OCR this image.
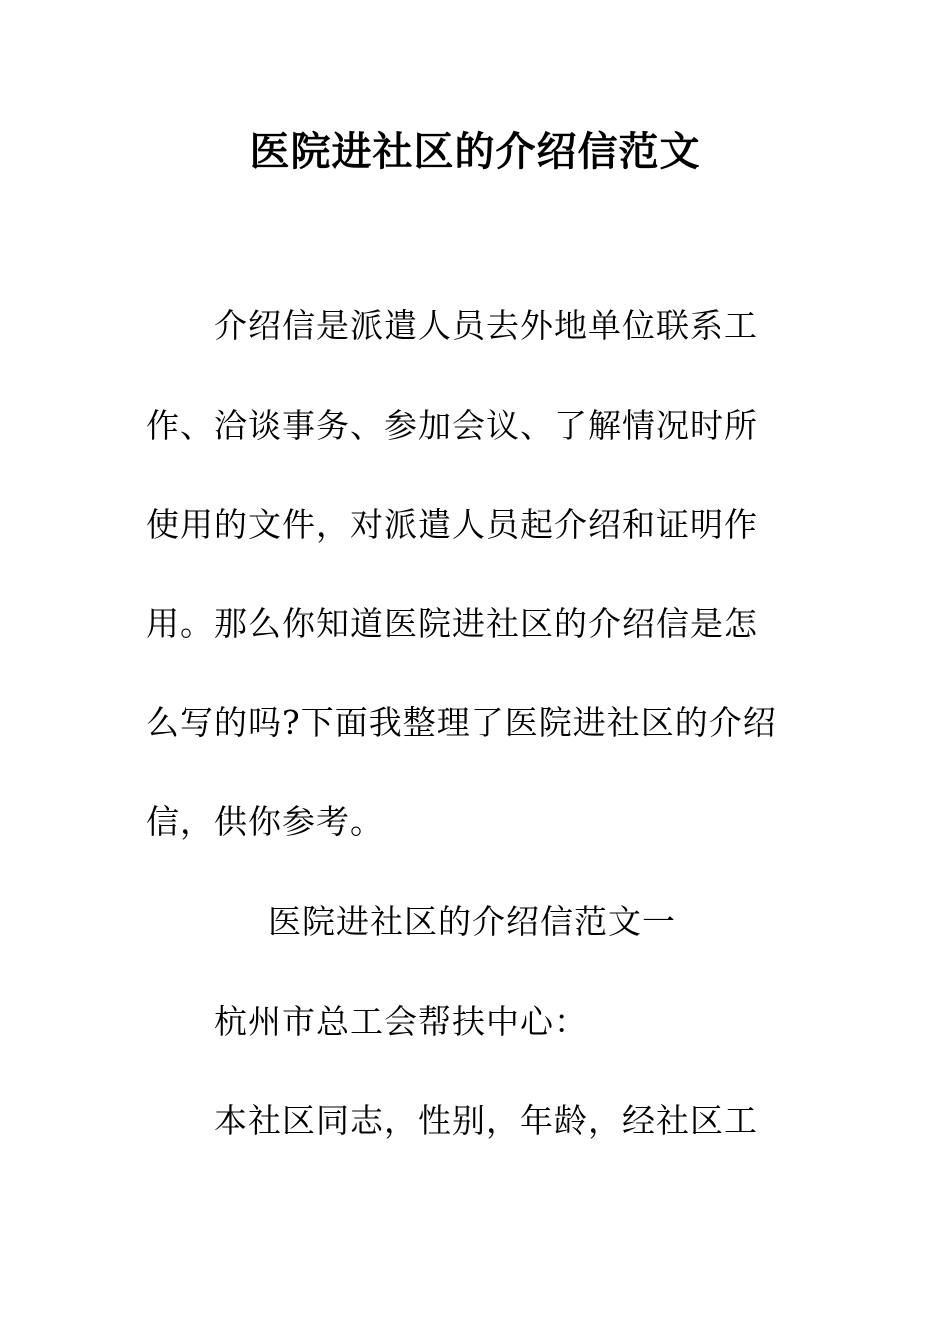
医院进社区的介绍信范文
介绍信是派遣人员去外地单位联系工
作、洽谈事务、参加会议、了解情况时所
使用的文件，对派遣人员起介绍和证明作
用。那么你知道医院进社区的介绍信是怎
么写的吗?下面我整理了医院进社区的介绍
信，供你参考。
医院进社区的介绍信范文一
杭州市总工会帮扶中心：
本社区同志，性别，年龄，经社区工
